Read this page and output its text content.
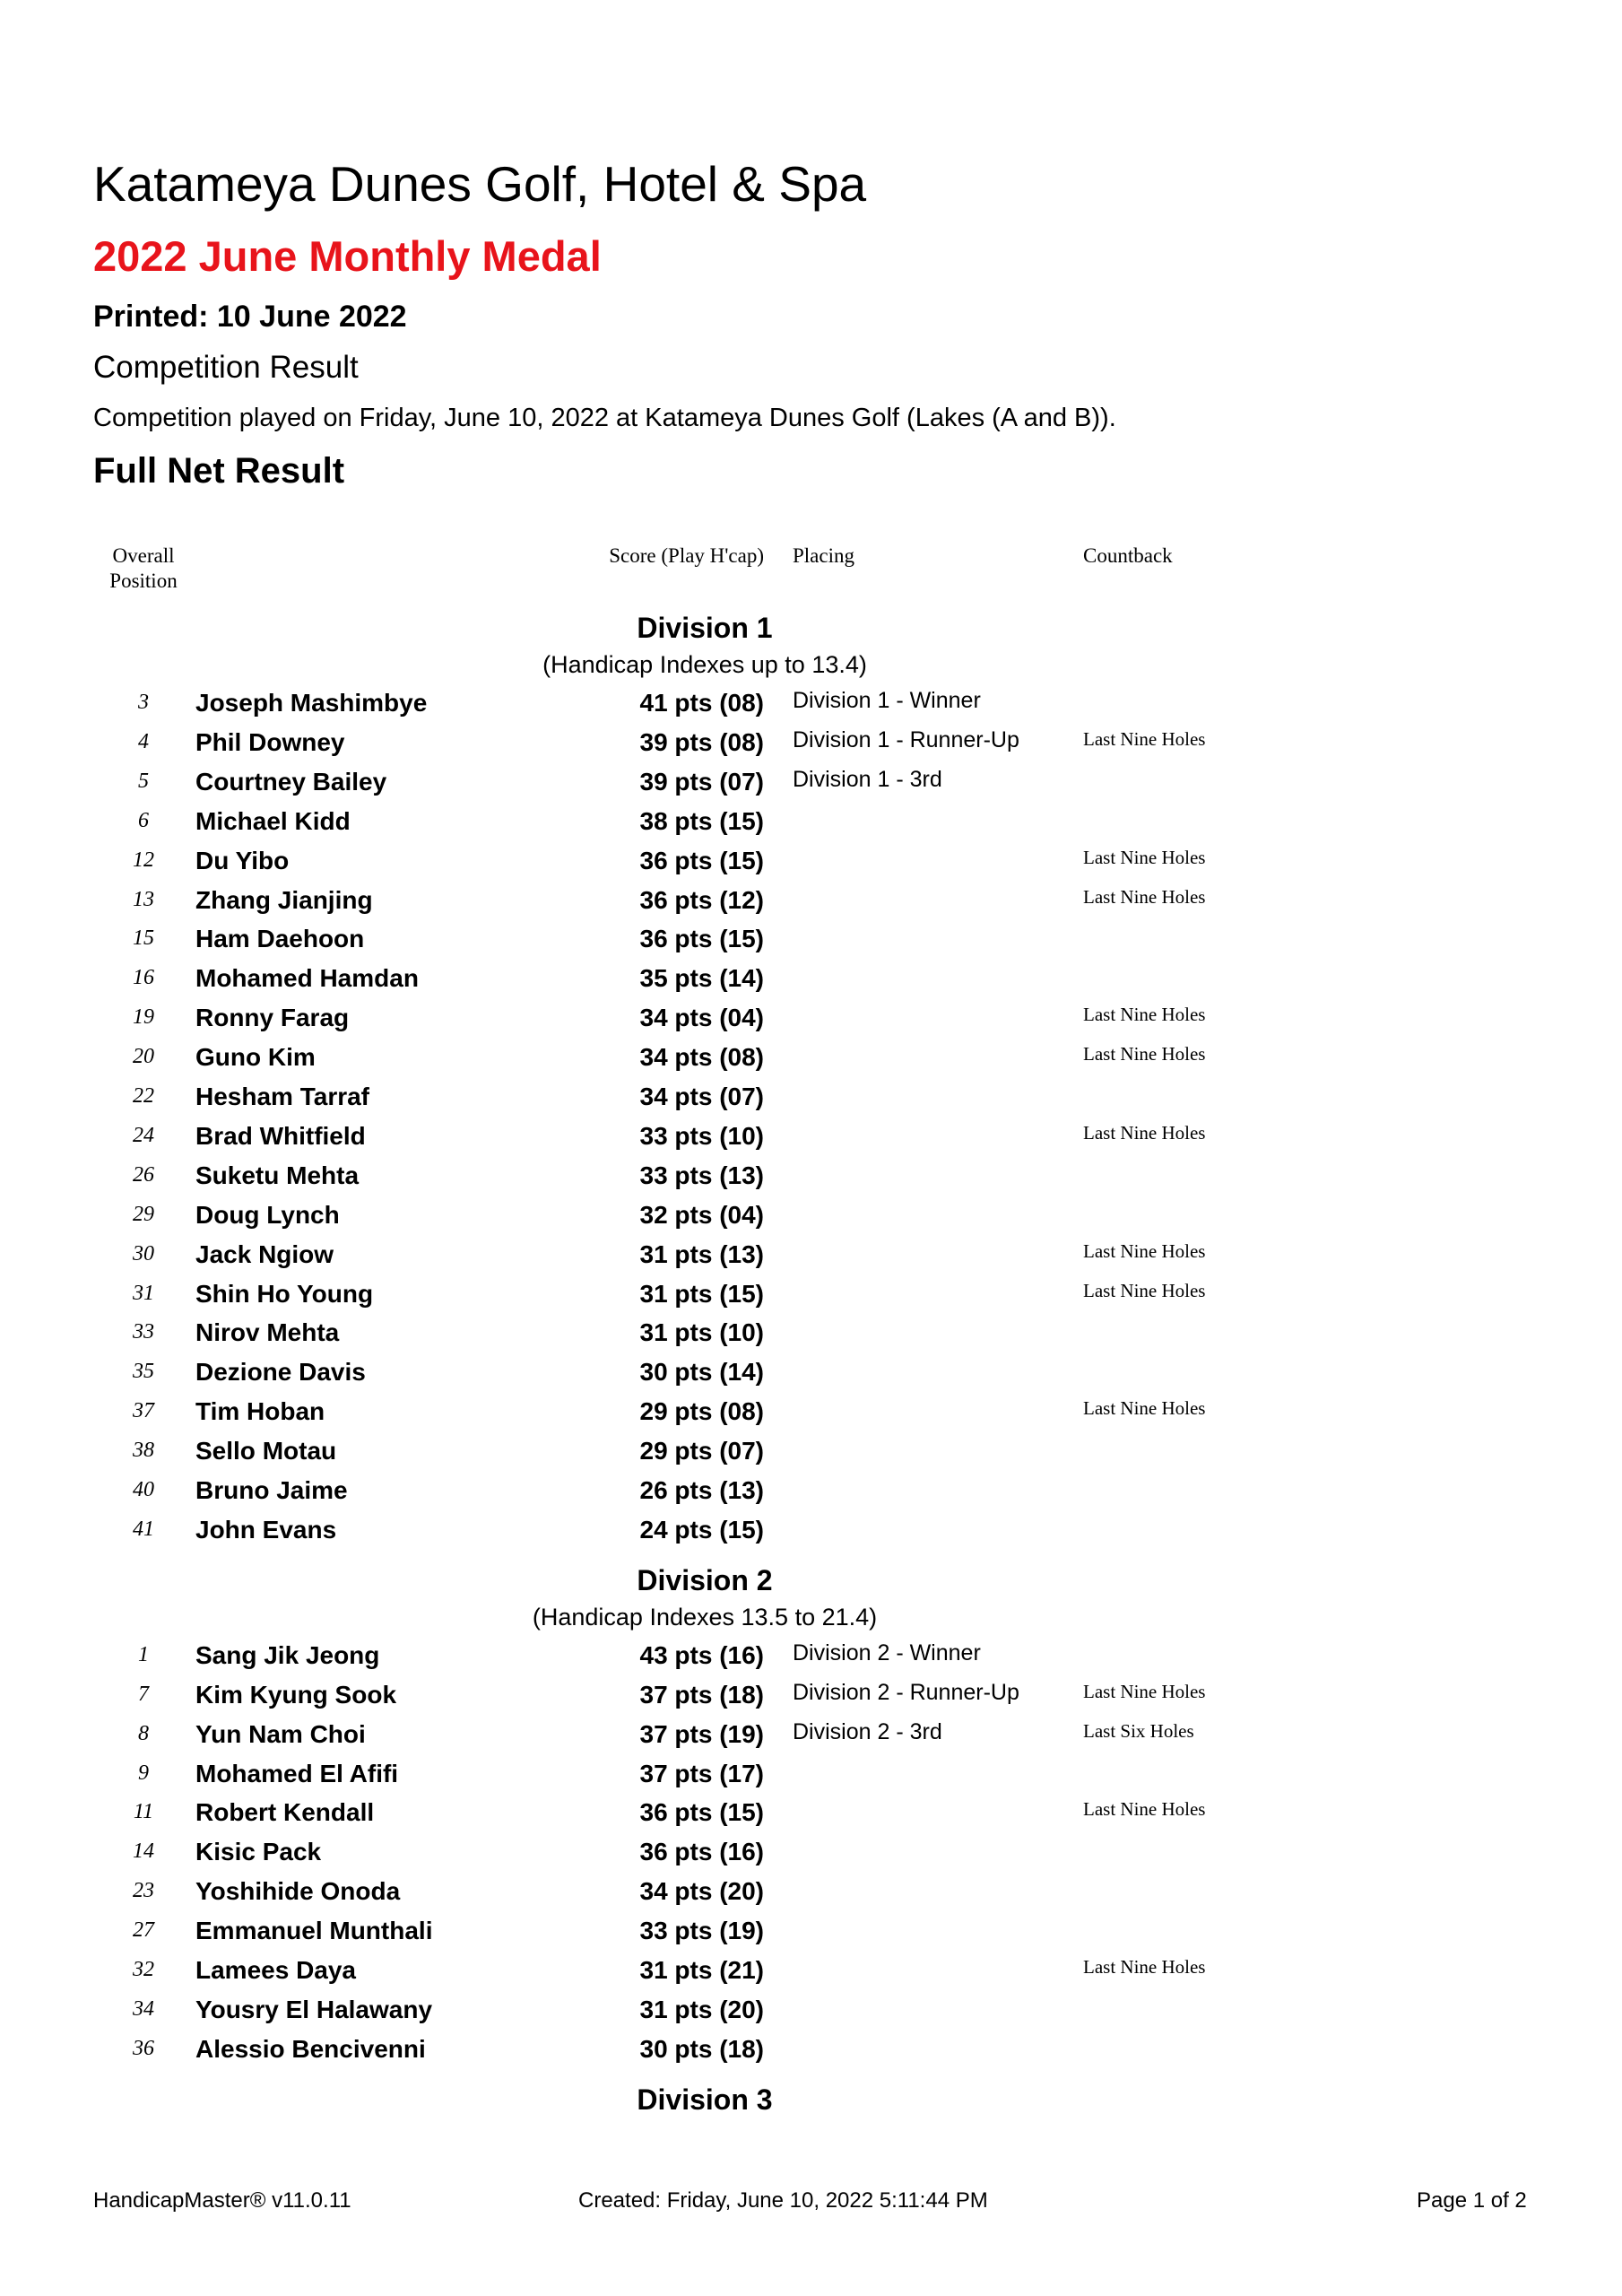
Katameya Dunes Golf, Hotel & Spa
2022 June Monthly Medal
Printed: 10 June 2022
Competition Result
Competition played on Friday, June 10, 2022 at Katameya Dunes Golf (Lakes (A and B)).
Full Net Result
Overall
Position
Score (Play H'cap) Placing	Countback
Division 1
(Handicap Indexes up to 13.4)
3	Joseph Mashimbye	41 pts (08) Division 1 - Winner
4	Phil Downey	39 pts (08) Division 1 - Runner-Up	Last Nine Holes
5	Courtney Bailey	39 pts (07) Division 1 - 3rd
6	Michael Kidd	38 pts (15)
12	Du Yibo	36 pts (15)	Last Nine Holes
13	Zhang Jianjing	36 pts (12)	Last Nine Holes
15	Ham Daehoon	36 pts (15)
16	Mohamed Hamdan	35 pts (14)
19	Ronny Farag	34 pts (04)	Last Nine Holes
20	Guno Kim	34 pts (08)	Last Nine Holes
22	Hesham Tarraf	34 pts (07)
24	Brad Whitfield	33 pts (10)	Last Nine Holes
26	Suketu Mehta	33 pts (13)
29	Doug Lynch	32 pts (04)
30	Jack Ngiow	31 pts (13)	Last Nine Holes
31	Shin Ho Young	31 pts (15)	Last Nine Holes
33	Nirov Mehta	31 pts (10)
35	Dezione Davis	30 pts (14)
37	Tim Hoban	29 pts (08)	Last Nine Holes
38	Sello Motau	29 pts (07)
40	Bruno Jaime	26 pts (13)
41	John Evans	24 pts (15)
Division 2
(Handicap Indexes 13.5 to 21.4)
1	Sang Jik Jeong	43 pts (16) Division 2 - Winner
7	Kim Kyung Sook	37 pts (18) Division 2 - Runner-Up	Last Nine Holes
8	Yun Nam Choi	37 pts (19) Division 2 - 3rd	Last Six Holes
9	Mohamed El Afifi	37 pts (17)
11	Robert Kendall	36 pts (15)	Last Nine Holes
14	Kisic Pack	36 pts (16)
23	Yoshihide Onoda	34 pts (20)
27	Emmanuel Munthali	33 pts (19)
32	Lamees Daya	31 pts (21)	Last Nine Holes
34	Yousry El Halawany	31 pts (20)
36	Alessio Bencivenni	30 pts (18)
Division 3
HandicapMaster® v11.0.11	Created: Friday, June 10, 2022 5:11:44 PM	Page 1 of 2
